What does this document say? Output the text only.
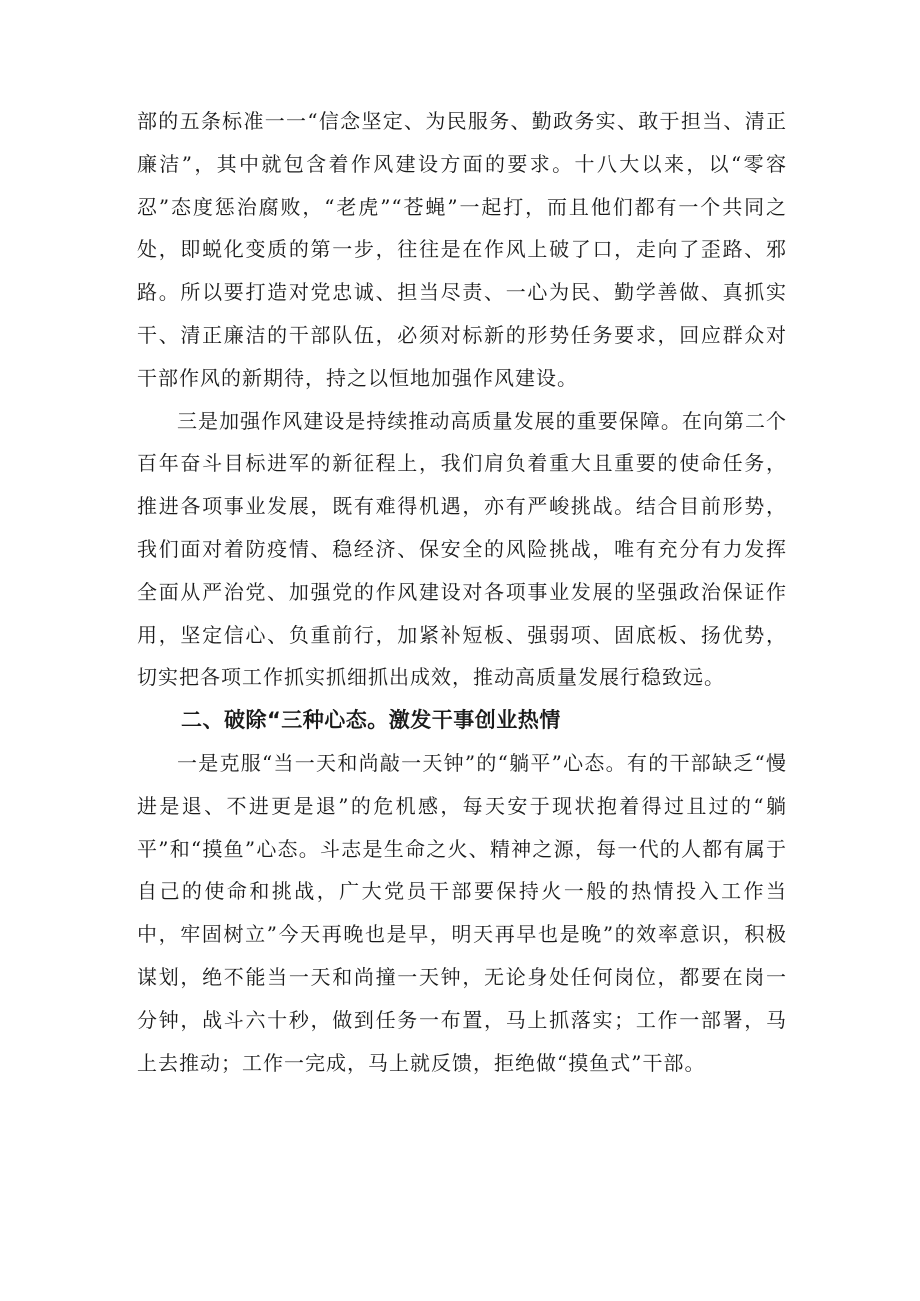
部的五条标准一一“信念坚定、为民服务、勤政务实、敢于担当、清正廉洁”，其中就包含着作风建设方面的要求。十八大以来，以“零容忍”态度惩治腐败，“老虎”“苍蝇”一起打，而且他们都有一个共同之处，即蜕化变质的第一步，往往是在作风上破了口，走向了歪路、邪路。所以要打造对党忠诚、担当尽责、一心为民、勤学善做、真抓实干、清正廉洁的干部队伍，必须对标新的形势任务要求，回应群众对干部作风的新期待，持之以恒地加强作风建设。

三是加强作风建设是持续推动高质量发展的重要保障。在向第二个百年奋斗目标进军的新征程上，我们肩负着重大且重要的使命任务，推进各项事业发展，既有难得机遇，亦有严峻挑战。结合目前形势，我们面对着防疫情、稳经济、保安全的风险挑战，唯有充分有力发挥全面从严治党、加强党的作风建设对各项事业发展的坚强政治保证作用，坚定信心、负重前行，加紧补短板、强弱项、固底板、扬优势，切实把各项工作抓实抓细抓出成效，推动高质量发展行稳致远。

二、破除“三种心态。激发干事创业热情

一是克服“当一天和尚敲一天钟”的“躺平”心态。有的干部缺乏“慢进是退、不进更是退”的危机感，每天安于现状抱着得过且过的“躺平”和“摸鱼”心态。斗志是生命之火、精神之源，每一代的人都有属于自己的使命和挑战，广大党员干部要保持火一般的热情投入工作当中，牢固树立”今天再晚也是早，明天再早也是晚”的效率意识，积极谋划，绝不能当一天和尚撞一天钟，无论身处任何岗位，都要在岗一分钟，战斗六十秒，做到任务一布置，马上抓落实；工作一部署，马上去推动；工作一完成，马上就反馈，拒绝做“摸鱼式”干部。
